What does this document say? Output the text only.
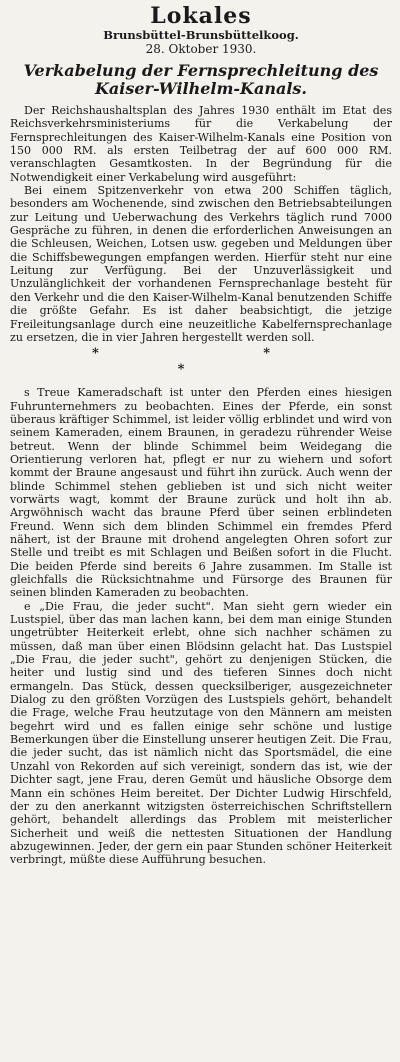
Lokales
Brunsbüttel-Brunsbüttelkoog.
28. Oktober 1930.
Verkabelung der Fernsprechleitung des Kaiser-Wilhelm-Kanals.

Der Reichshaushaltsplan des Jahres 1930 enthält im Etat des Reichsverkehrsministeriums für die Verkabelung der Fernsprechleitungen des Kaiser-Wilhelm-Kanals eine Position von 150 000 RM. als ersten Teilbetrag der auf 600 000 RM. veranschlagten Gesamtkosten. In der Begründung für die Notwendigkeit einer Verkabelung wird ausgeführt:

Bei einem Spitzenverkehr von etwa 200 Schiffen täglich, besonders am Wochenende, sind zwischen den Betriebsabteilungen zur Leitung und Ueberwachung des Verkehrs täglich rund 7000 Gespräche zu führen, in denen die erforderlichen Anweisungen an die Schleusen, Weichen, Lotsen usw. gegeben und Meldungen über die Schiffsbewegungen empfangen werden. Hierfür steht nur eine Leitung zur Verfügung. Bei der Unzuverlässigkeit und Unzulänglichkeit der vorhandenen Fernsprechanlage besteht für den Verkehr und die den Kaiser-Wilhelm-Kanal benutzenden Schiffe die größte Gefahr. Es ist daher beabsichtigt, die jetzige Freileitungsanlage durch eine neuzeitliche Kabelfernsprechanlage zu ersetzen, die in vier Jahren hergestellt werden soll.

* * *

s Treue Kameradschaft ist unter den Pferden eines hiesigen Fuhrunternehmers zu beobachten. Eines der Pferde, ein sonst überaus kräftiger Schimmel, ist leider völlig erblindet und wird von seinem Kameraden, einem Braunen, in geradezu rührender Weise betreut. Wenn der blinde Schimmel beim Weidegang die Orientierung verloren hat, pflegt er nur zu wiehern und sofort kommt der Braune angesaust und führt ihn zurück. Auch wenn der blinde Schimmel stehen geblieben ist und sich nicht weiter vorwärts wagt, kommt der Braune zurück und holt ihn ab. Argwöhnisch wacht das braune Pferd über seinen erblindeten Freund. Wenn sich dem blinden Schimmel ein fremdes Pferd nähert, ist der Braune mit drohend angelegten Ohren sofort zur Stelle und treibt es mit Schlagen und Beißen sofort in die Flucht. Die beiden Pferde sind bereits 6 Jahre zusammen. Im Stalle ist gleichfalls die Rücksichtnahme und Fürsorge des Braunen für seinen blinden Kameraden zu beobachten.

e „Die Frau, die jeder sucht". Man sieht gern wieder ein Lustspiel, über das man lachen kann, bei dem man einige Stunden ungetrübter Heiterkeit erlebt, ohne sich nachher schämen zu müssen, daß man über einen Blödsinn gelacht hat. Das Lustspiel „Die Frau, die jeder sucht", gehört zu denjenigen Stücken, die heiter und lustig sind und des tieferen Sinnes doch nicht ermangeln. Das Stück, dessen quecksilberiger, ausgezeichneter Dialog zu den größten Vorzügen des Lustspiels gehört, behandelt die Frage, welche Frau heutzutage von den Männern am meisten begehrt wird und es fallen einige sehr schöne und lustige Bemerkungen über die Einstellung unserer heutigen Zeit. Die Frau, die jeder sucht, das ist nämlich nicht das Sportsmädel, die eine Unzahl von Rekorden auf sich vereinigt, sondern das ist, wie der Dichter sagt, jene Frau, deren Gemüt und häusliche Obsorge dem Mann ein schönes Heim bereitet. Der Dichter Ludwig Hirschfeld, der zu den anerkannt witzigsten österreichischen Schriftstellern gehört, behandelt allerdings das Problem mit meisterlicher Sicherheit und weiß die nettesten Situationen der Handlung abzugewinnen. Jeder, der gern ein paar Stunden schöner Heiterkeit verbringt, müßte diese Aufführung besuchen.
